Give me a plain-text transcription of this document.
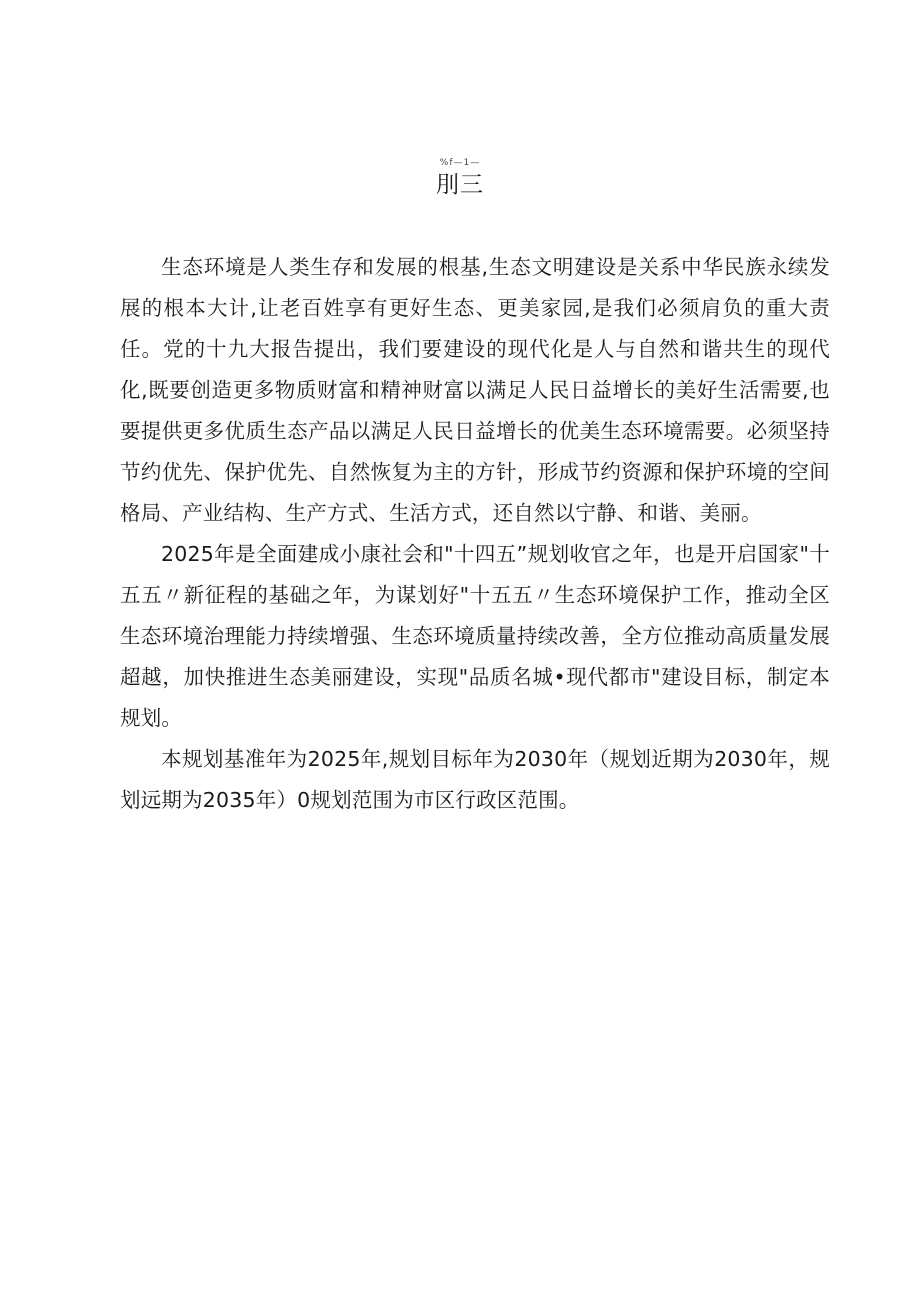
%f—1—
刖三

生态环境是人类生存和发展的根基,生态文明建设是关系中华民族永续发展的根本大计,让老百姓享有更好生态、更美家园,是我们必须肩负的重大责任。党的十九大报告提出，我们要建设的现代化是人与自然和谐共生的现代化,既要创造更多物质财富和精神财富以满足人民日益增长的美好生活需要,也要提供更多优质生态产品以满足人民日益增长的优美生态环境需要。必须坚持节约优先、保护优先、自然恢复为主的方针，形成节约资源和保护环境的空间格局、产业结构、生产方式、生活方式，还自然以宁静、和谐、美丽。

2025年是全面建成小康社会和"十四五”规划收官之年，也是开启国家"十五五〃新征程的基础之年，为谋划好"十五五〃生态环境保护工作，推动全区生态环境治理能力持续增强、生态环境质量持续改善，全方位推动高质量发展超越，加快推进生态美丽建设，实现"品质名城•现代都市"建设目标，制定本规划。

本规划基准年为2025年,规划目标年为2030年（规划近期为2030年，规划远期为2035年）0规划范围为市区行政区范围。
